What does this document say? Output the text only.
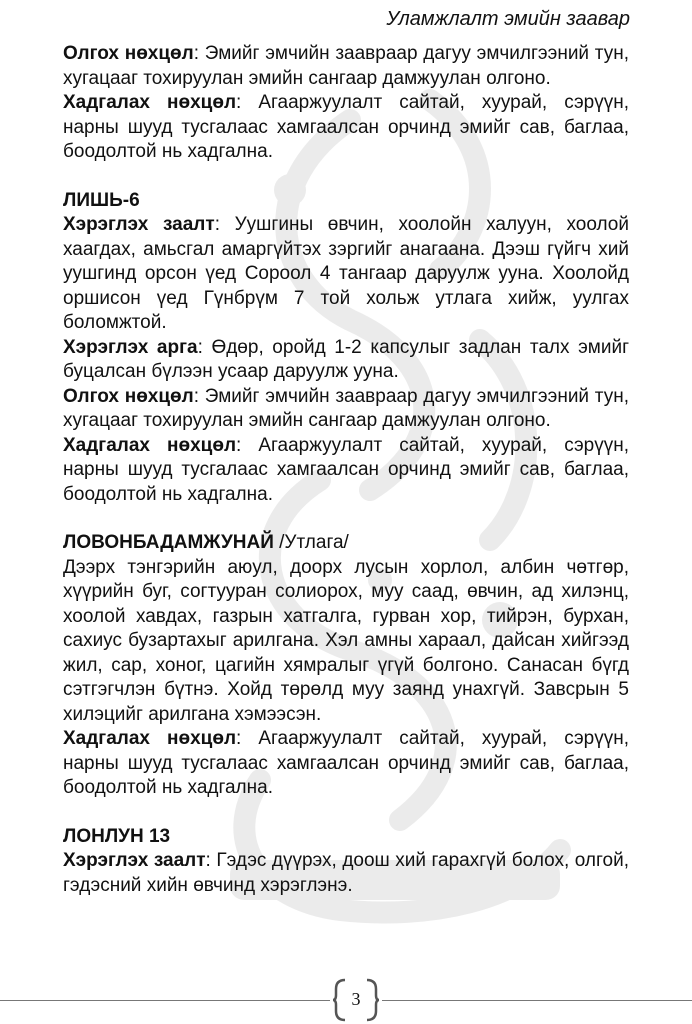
Уламжлалт эмийн заавар

Олгох нөхцөл: Эмийг эмчийн заавраар дагуу эмчилгээний тун, хугацааг тохируулан эмийн сангаар дамжуулан олгоно.

Хадгалах нөхцөл: Агааржуулалт сайтай, хуурай, сэрүүн, нарны шууд тусгалаас хамгаалсан орчинд эмийг сав, баглаа, боодолтой нь хадгална.

ЛИШЬ-6

Хэрэглэх заалт: Уушгины өвчин, хоолойн халуун, хоолой хаагдах, амьсгал амаргүйтэх зэргийг анагаана. Дээш гүйгч хий уушгинд орсон үед Сороол 4 тангаар даруулж ууна. Хоолойд оршисон үед Гүнбрүм 7 той хольж утлага хийж, уулгах боломжтой.

Хэрэглэх арга: Өдөр, оройд 1-2 капсулыг задлан талх эмийг буцалсан бүлээн усаар даруулж ууна.

Олгох нөхцөл: Эмийг эмчийн заавраар дагуу эмчилгээний тун, хугацааг тохируулан эмийн сангаар дамжуулан олгоно.

Хадгалах нөхцөл: Агааржуулалт сайтай, хуурай, сэрүүн, нарны шууд тусгалаас хамгаалсан орчинд эмийг сав, баглаа, боодолтой нь хадгална.

ЛОВОНБАДАМЖУНАЙ /Утлага/

Дээрх тэнгэрийн аюул, доорх лусын хорлол, албин чөтгөр, хүүрийн буг, согтууран солиорох, муу саад, өвчин, ад хилэнц, хоолой хавдах, газрын хатгалга, гурван хор, тийрэн, бурхан, сахиус бузартахыг арилгана. Хэл амны хараал, дайсан хийгээд жил, сар, хоног, цагийн хямралыг үгүй болгоно. Санасан бүгд сэтгэгчлэн бүтнэ. Хойд төрөлд муу заянд унахгүй. Завсрын 5 хилэцийг арилгана хэмээсэн.

Хадгалах нөхцөл: Агааржуулалт сайтай, хуурай, сэрүүн, нарны шууд тусгалаас хамгаалсан орчинд эмийг сав, баглаа, боодолтой нь хадгална.

ЛОНЛУН 13

Хэрэглэх заалт: Гэдэс дүүрэх, доош хий гарахгүй болох, олгой, гэдэсний хийн өвчинд хэрэглэнэ.

3
